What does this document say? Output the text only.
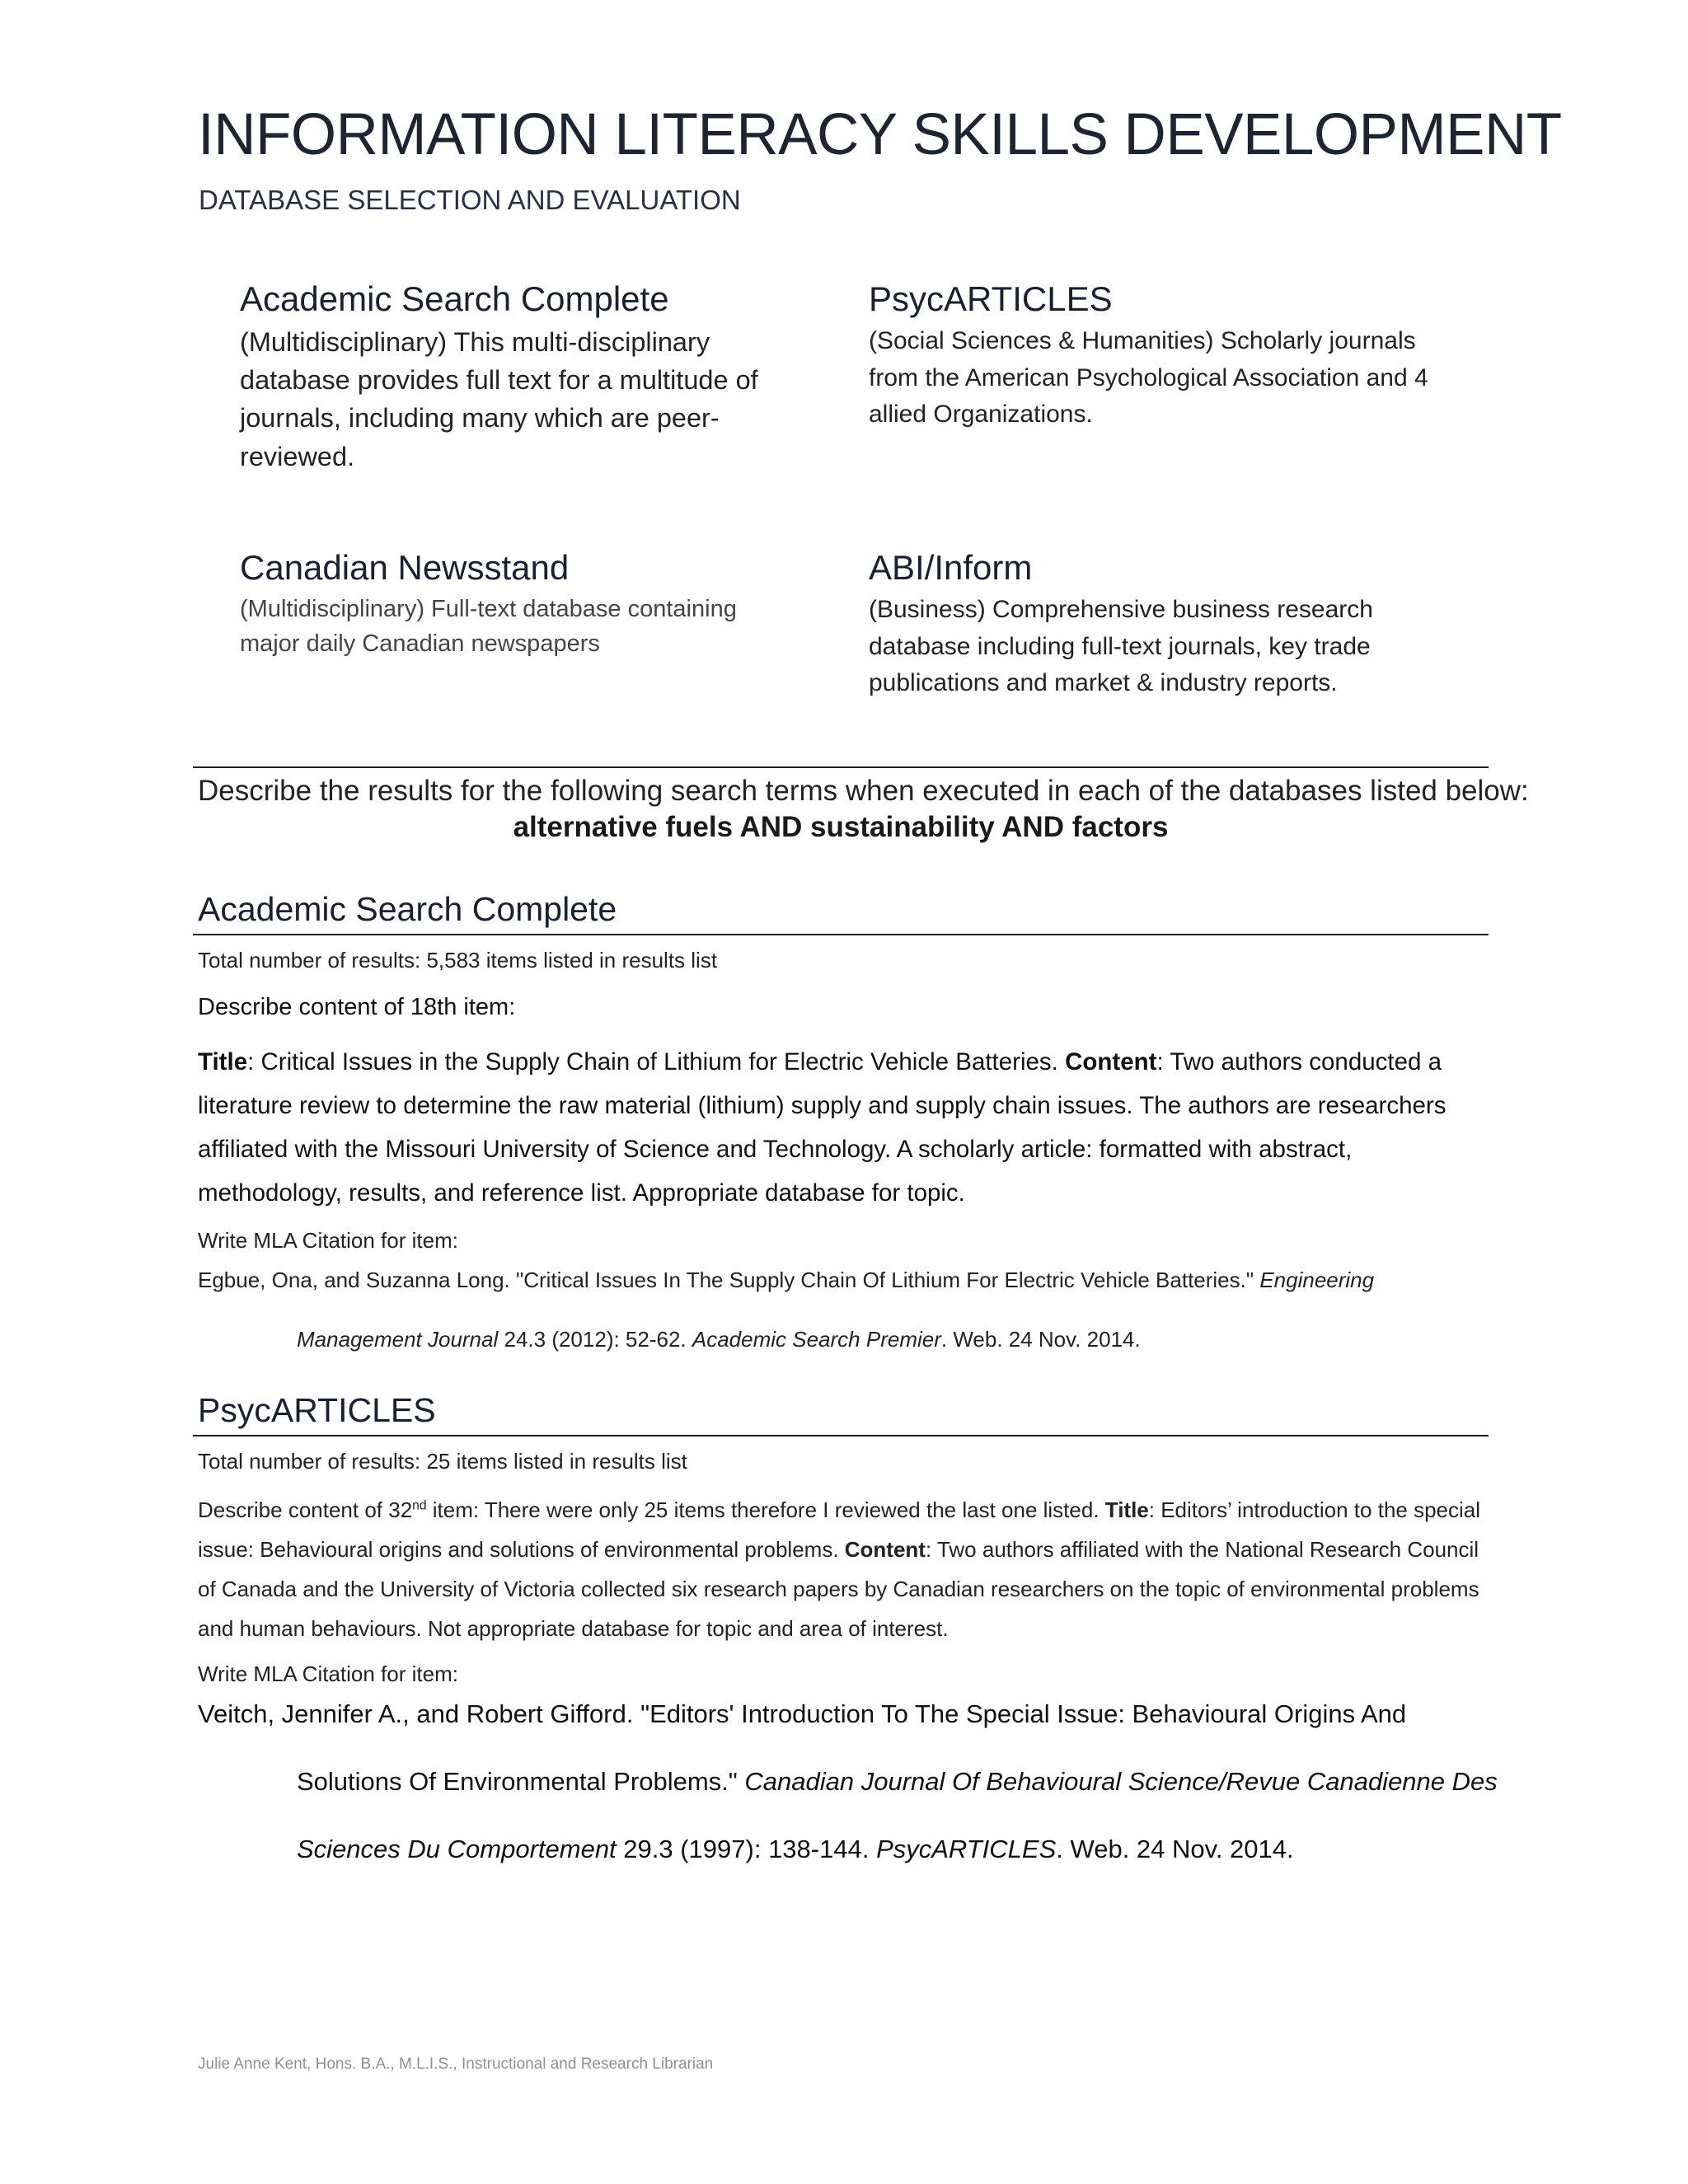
INFORMATION LITERACY SKILLS DEVELOPMENT
DATABASE SELECTION AND EVALUATION
Academic Search Complete
(Multidisciplinary) This multi-disciplinary
database provides full text for a multitude of
journals, including many which are peer-
reviewed.
PsycARTICLES
(Social Sciences & Humanities) Scholarly journals
from the American Psychological Association and 4
allied Organizations.
Canadian Newsstand
(Multidisciplinary) Full-text database containing
major daily Canadian newspapers
ABI/Inform
(Business) Comprehensive business research
database including full-text journals, key trade
publications and market & industry reports.
Describe the results for the following search terms when executed in each of the databases listed below:
alternative fuels AND sustainability AND factors
Academic Search Complete
Total number of results: 5,583 items listed in results list
Describe content of 18th item:
Title: Critical Issues in the Supply Chain of Lithium for Electric Vehicle Batteries. Content: Two authors conducted a literature review to determine the raw material (lithium) supply and supply chain issues. The authors are researchers affiliated with the Missouri University of Science and Technology. A scholarly article: formatted with abstract, methodology, results, and reference list. Appropriate database for topic.
Write MLA Citation for item:
Egbue, Ona, and Suzanna Long. "Critical Issues In The Supply Chain Of Lithium For Electric Vehicle Batteries." Engineering
Management Journal 24.3 (2012): 52-62. Academic Search Premier. Web. 24 Nov. 2014.
PsycARTICLES
Total number of results: 25 items listed in results list
Describe content of 32nd item: There were only 25 items therefore I reviewed the last one listed. Title: Editors’ introduction to the special issue: Behavioural origins and solutions of environmental problems. Content: Two authors affiliated with the National Research Council of Canada and the University of Victoria collected six research papers by Canadian researchers on the topic of environmental problems and human behaviours. Not appropriate database for topic and area of interest.
Write MLA Citation for item:
Veitch, Jennifer A., and Robert Gifford. "Editors' Introduction To The Special Issue: Behavioural Origins And
Solutions Of Environmental Problems." Canadian Journal Of Behavioural Science/Revue Canadienne Des
Sciences Du Comportement 29.3 (1997): 138-144. PsycARTICLES. Web. 24 Nov. 2014.
Julie Anne Kent, Hons. B.A., M.L.I.S., Instructional and Research Librarian
